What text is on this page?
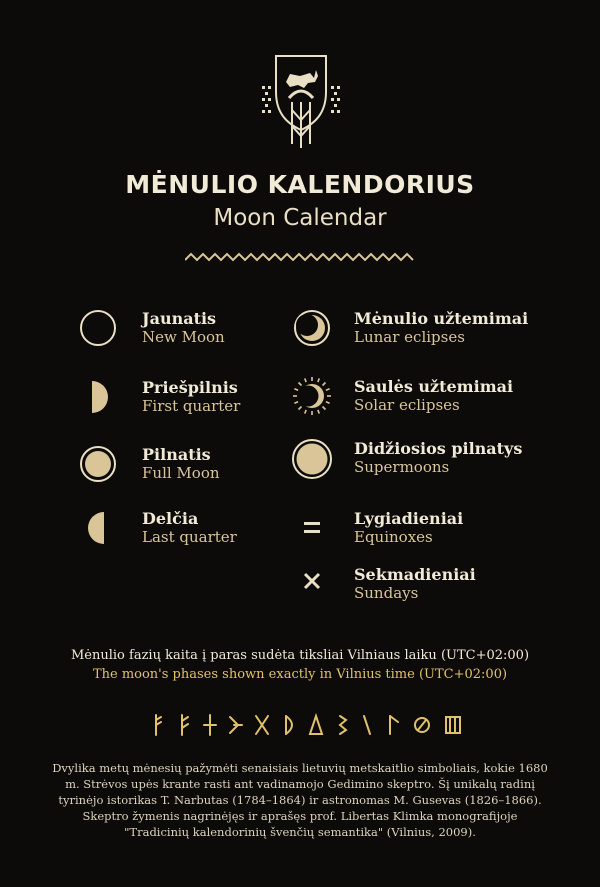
MĖNULIO KALENDORIUS
Moon Calendar
Jaunatis
New Moon
Priešpilnis
First quarter
Pilnatis
Full Moon
Delčia
Last quarter
Mėnulio užtemimai
Lunar eclipses
Saulės užtemimai
Solar eclipses
Didžiosios pilnatys
Supermoons
Lygiadieniai
Equinoxes
Sekmadieniai
Sundays
Mėnulio fazių kaita į paras sudėta tiksliai Vilniaus laiku (UTC+02:00)
The moon's phases shown exactly in Vilnius time (UTC+02:00)
Dvylika metų mėnesių pažymėti senaisiais lietuvių metskaitlio simboliais, kokie 1680 m. Strėvos upės krante rasti ant vadinamojo Gedimino skeptro. Šį unikalų radinį tyrinėjo istorikas T. Narbutas (1784–1864) ir astronomas M. Gusevas (1826–1866). Skeptro žymenis nagrinėjęs ir aprašęs prof. Libertas Klimka monografijoje "Tradicinių kalendorinių švenčių semantika" (Vilnius, 2009).
